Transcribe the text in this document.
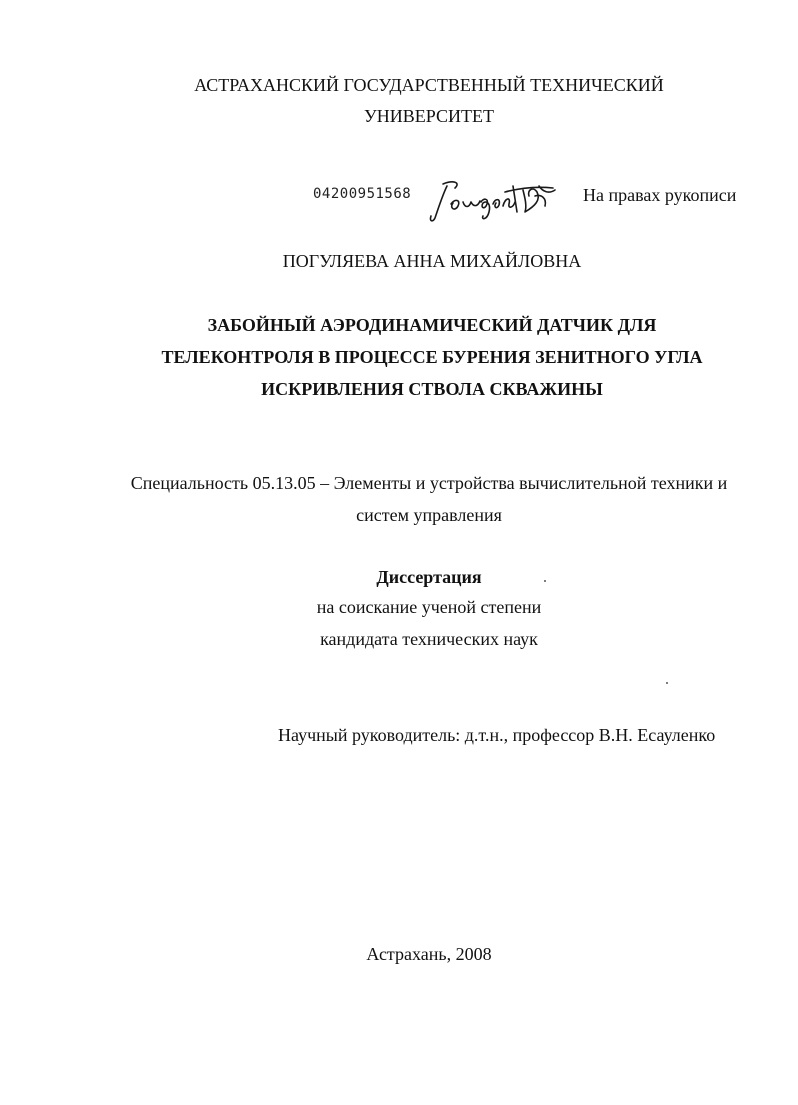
АСТРАХАНСКИЙ ГОСУДАРСТВЕННЫЙ ТЕХНИЧЕСКИЙ
УНИВЕРСИТЕТ
04200951568	На правах рукописи
ПОГУЛЯЕВА АННА МИХАЙЛОВНА
ЗАБОЙНЫЙ АЭРОДИНАМИЧЕСКИЙ ДАТЧИК ДЛЯ
ТЕЛЕКОНТРОЛЯ В ПРОЦЕССЕ БУРЕНИЯ ЗЕНИТНОГО УГЛА
ИСКРИВЛЕНИЯ СТВОЛА СКВАЖИНЫ
Специальность 05.13.05 – Элементы и устройства вычислительной техники и
систем управления
Диссертация
на соискание ученой степени
кандидата технических наук
Научный руководитель: д.т.н., профессор В.Н. Есауленко
Астрахань, 2008
